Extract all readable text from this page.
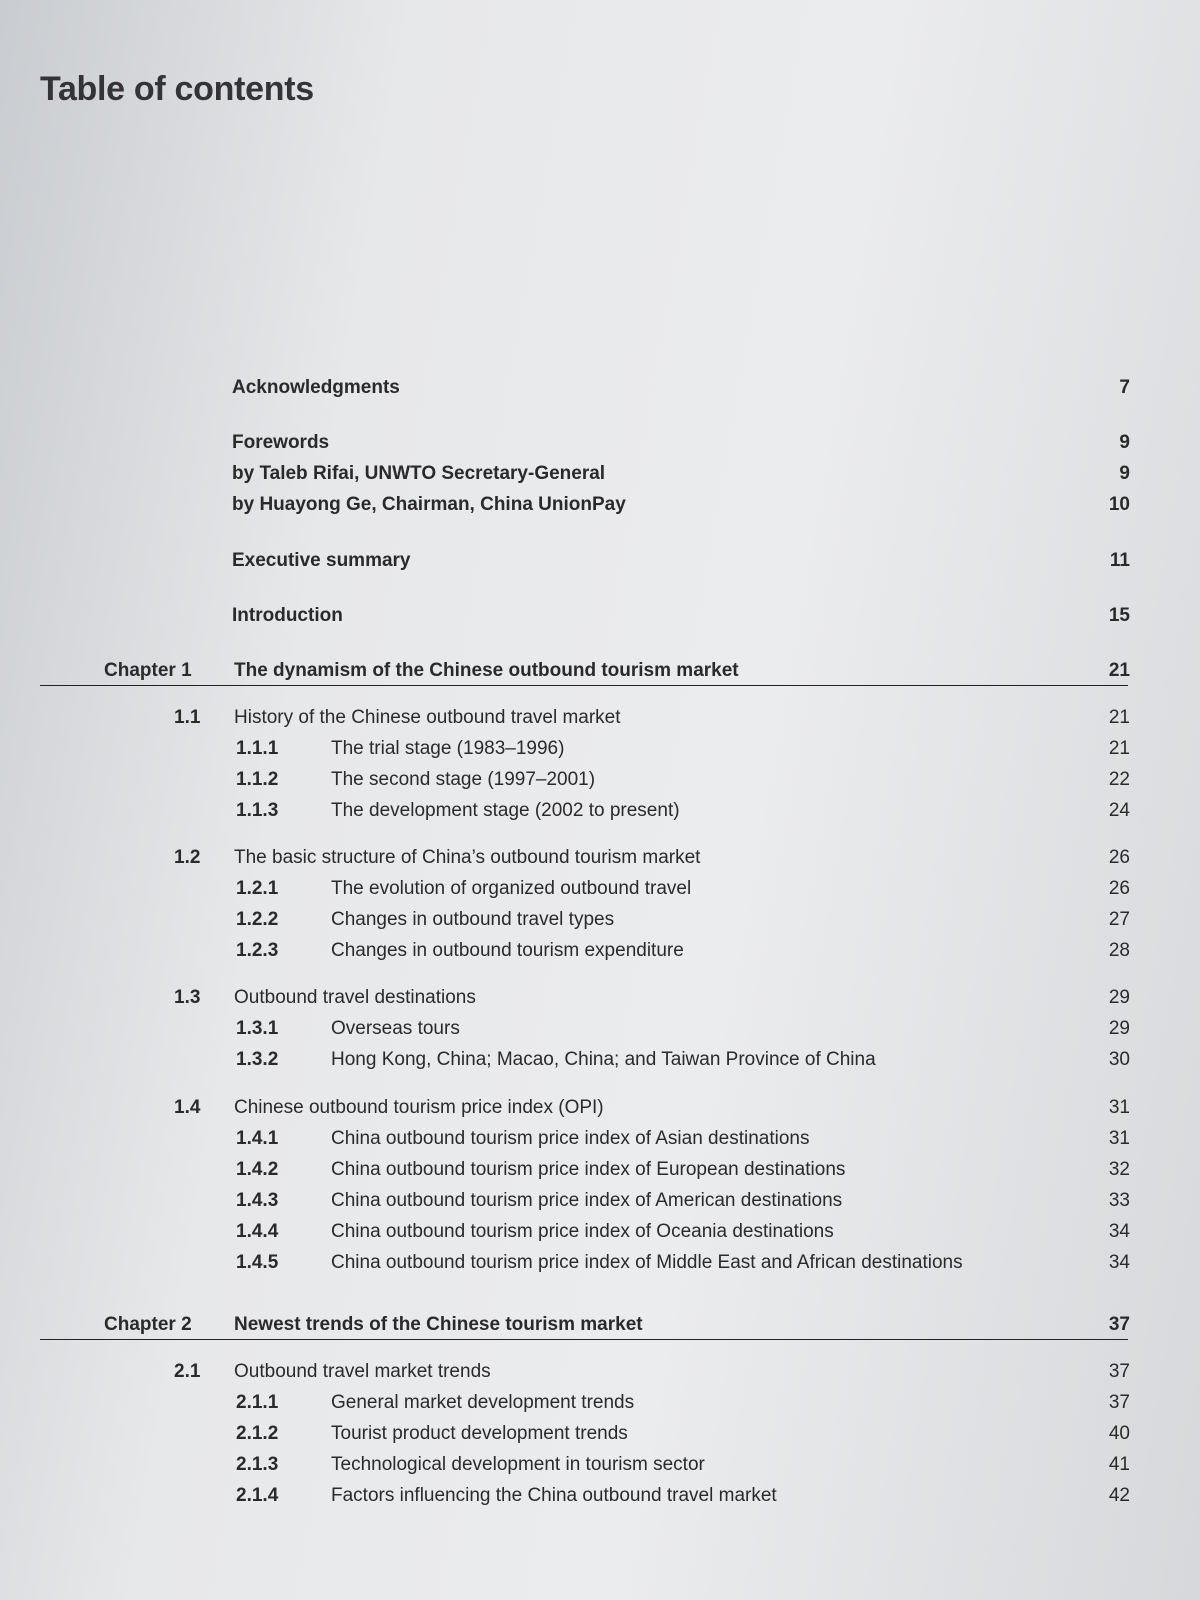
Table of contents
Acknowledgments	7
Forewords	9
by Taleb Rifai, UNWTO Secretary-General	9
by Huayong Ge, Chairman, China UnionPay	10
Executive summary	11
Introduction	15
Chapter 1 The dynamism of the Chinese outbound tourism market	21
1.1 History of the Chinese outbound travel market	21
1.1.1	The trial stage (1983–1996)	21
1.1.2	The second stage (1997–2001)	22
1.1.3	The development stage (2002 to present)	24
1.2 The basic structure of China’s outbound tourism market	26
1.2.1	The evolution of organized outbound travel	26
1.2.2	Changes in outbound travel types	27
1.2.3	Changes in outbound tourism expenditure	28
1.3 Outbound travel destinations	29
1.3.1	Overseas tours	29
1.3.2	Hong Kong, China; Macao, China; and Taiwan Province of China	30
1.4 Chinese outbound tourism price index (OPI)	31
1.4.1	China outbound tourism price index of Asian destinations	31
1.4.2	China outbound tourism price index of European destinations	32
1.4.3	China outbound tourism price index of American destinations	33
1.4.4	China outbound tourism price index of Oceania destinations	34
1.4.5	China outbound tourism price index of Middle East and African destinations	34
Chapter 2 Newest trends of the Chinese tourism market	37
2.1 Outbound travel market trends	37
2.1.1	General market development trends	37
2.1.2	Tourist product development trends	40
2.1.3	Technological development in tourism sector	41
2.1.4	Factors influencing the China outbound travel market	42
